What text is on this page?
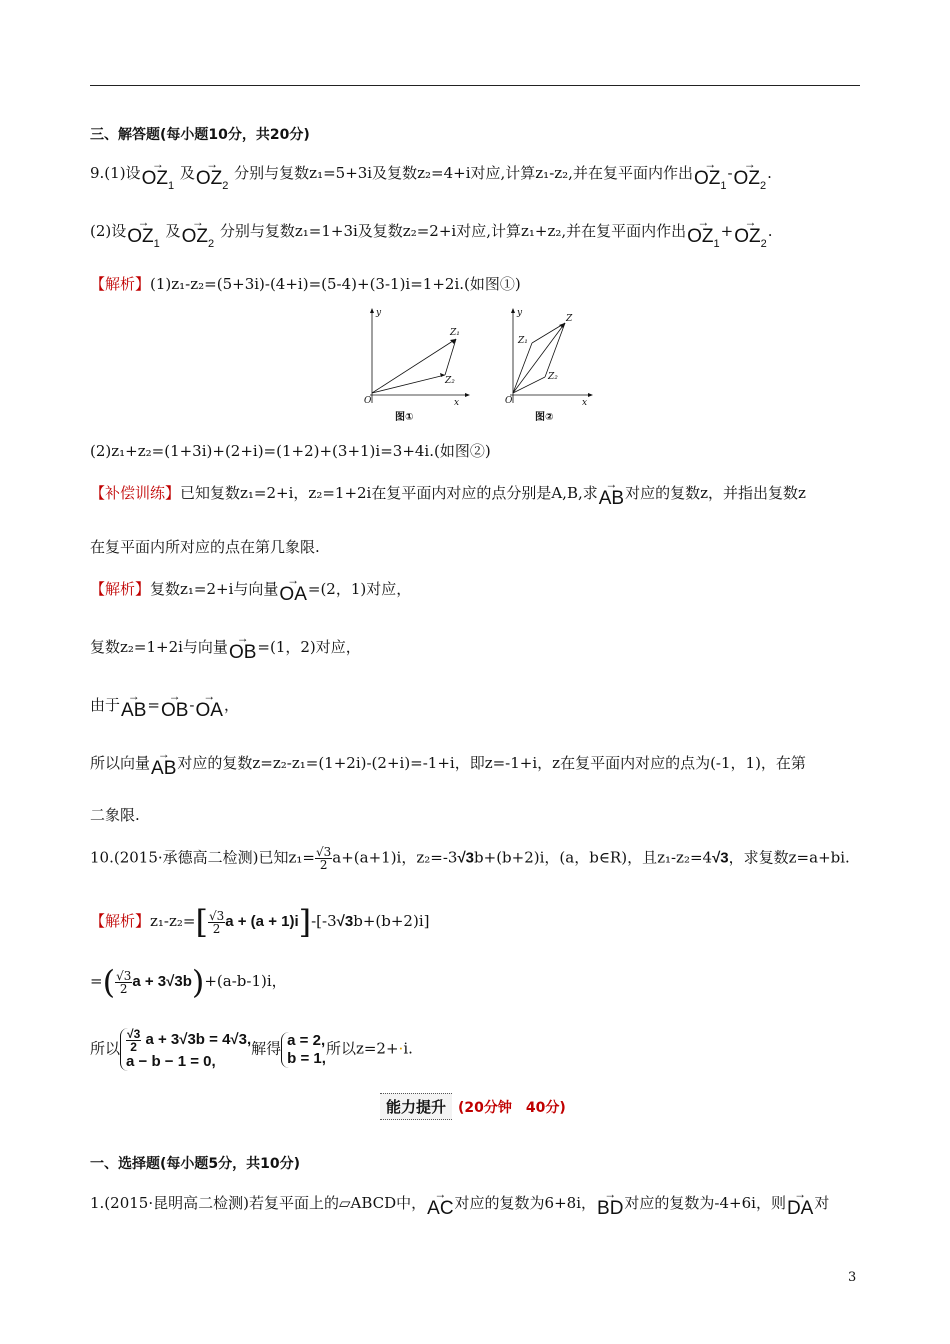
三、解答题(每小题10分，共20分)
9.(1)设 →
$OZ_1$ 及 →
$OZ_2$ 分别与复数z₁=5+3i及复数z₂=4+i对应,计算z₁-z₂,并在复平面内作出 →
$OZ_1-$ →
$OZ_2$.
(2)设 →
$OZ_1$ 及 →
$OZ_2$ 分别与复数z₁=1+3i及复数z₂=2+i对应,计算z₁+z₂,并在复平面内作出 →
$OZ_1+$ →
$OZ_2$.
【解析】(1)z₁-z₂=(5+3i)-(4+i)=(5-4)+(3-1)i=1+2i.(如图①)
O	x
y
Z₁
Z₂
O	x
y
Z₁
Z₂
Z
图①	图②
(2)z₁+z₂=(1+3i)+(2+i)=(1+2)+(3+1)i=3+4i.(如图②)
【补偿训练】已知复数z₁=2+i，z₂=1+2i在复平面内对应的点分别是A,B,求 →
AB对应的复数z，并指出复数z
在复平面内所对应的点在第几象限.
【解析】复数z₁=2+i与向量 →
OA=(2，1)对应，
复数z₂=1+2i与向量 →
OB=(1，2)对应，
由于 →
AB= →
OB- →
OA，
所以向量 →
AB对应的复数z=z₂-z₁=(1+2i)-(2+i)=-1+i，即z=-1+i，z在复平面内对应的点为(-1，1)，在第
二象限.
10.(2015·承德高二检测)已知$z_1= \frac{√3}{2} a+(a+1)i$，z₂=-3√3b+(b+2)i，(a，b∈R)，且z₁-z₂=4√3，求复数z=a+bi.
【解析】$z_1-z_2=[ \frac{√3}{2}$ a + (a + 1)i]-[-3√3b+(b+2)i]
=( $\frac{√3}{2}$ a + 3√3b)+(a-b-1)i，
所以 $\frac{√3}{2}$ a + 3√3b = 4√3,
a − b − 1 = 0,解得 a = 2,
b = 1,所以z=2+·i.
能力提升 (20分钟　40分)
一、选择题(每小题5分，共10分)
1.(2015·昆明高二检测)若复平面上的▱ABCD中， →
AC对应的复数为6+8i， →
BD对应的复数为-4+6i，则 →
DA对
3
